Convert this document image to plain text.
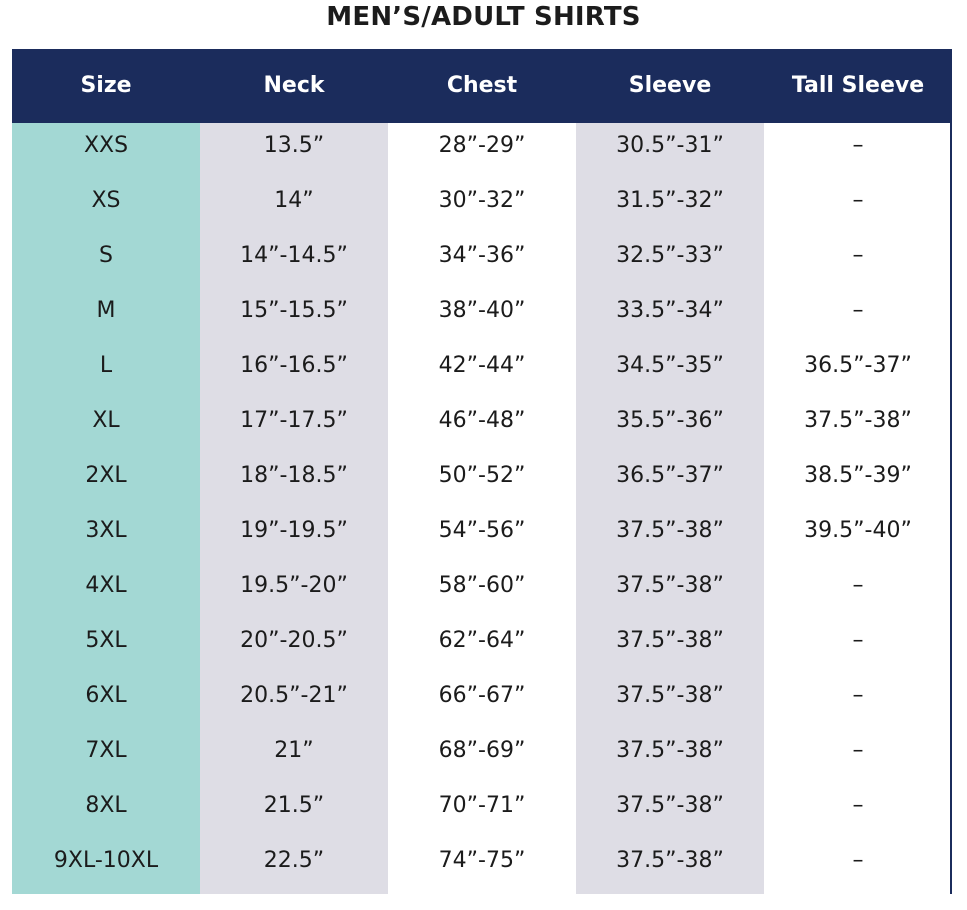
MEN’S/ADULT SHIRTS
Size	Neck	Chest	Sleeve	Tall Sleeve
XXS	13.5”	28”-29”	30.5”-31”	–
XS	14”	30”-32”	31.5”-32”	–
S	14”-14.5”	34”-36”	32.5”-33”	–
M	15”-15.5”	38”-40”	33.5”-34”	–
L	16”-16.5”	42”-44”	34.5”-35”	36.5”-37”
XL	17”-17.5”	46”-48”	35.5”-36”	37.5”-38”
2XL	18”-18.5”	50”-52”	36.5”-37”	38.5”-39”
3XL	19”-19.5”	54”-56”	37.5”-38”	39.5”-40”
4XL	19.5”-20”	58”-60”	37.5”-38”	–
5XL	20”-20.5”	62”-64”	37.5”-38”	–
6XL	20.5”-21”	66”-67”	37.5”-38”	–
7XL	21”	68”-69”	37.5”-38”	–
8XL	21.5”	70”-71”	37.5”-38”	–
9XL-10XL	22.5”	74”-75”	37.5”-38”	–
